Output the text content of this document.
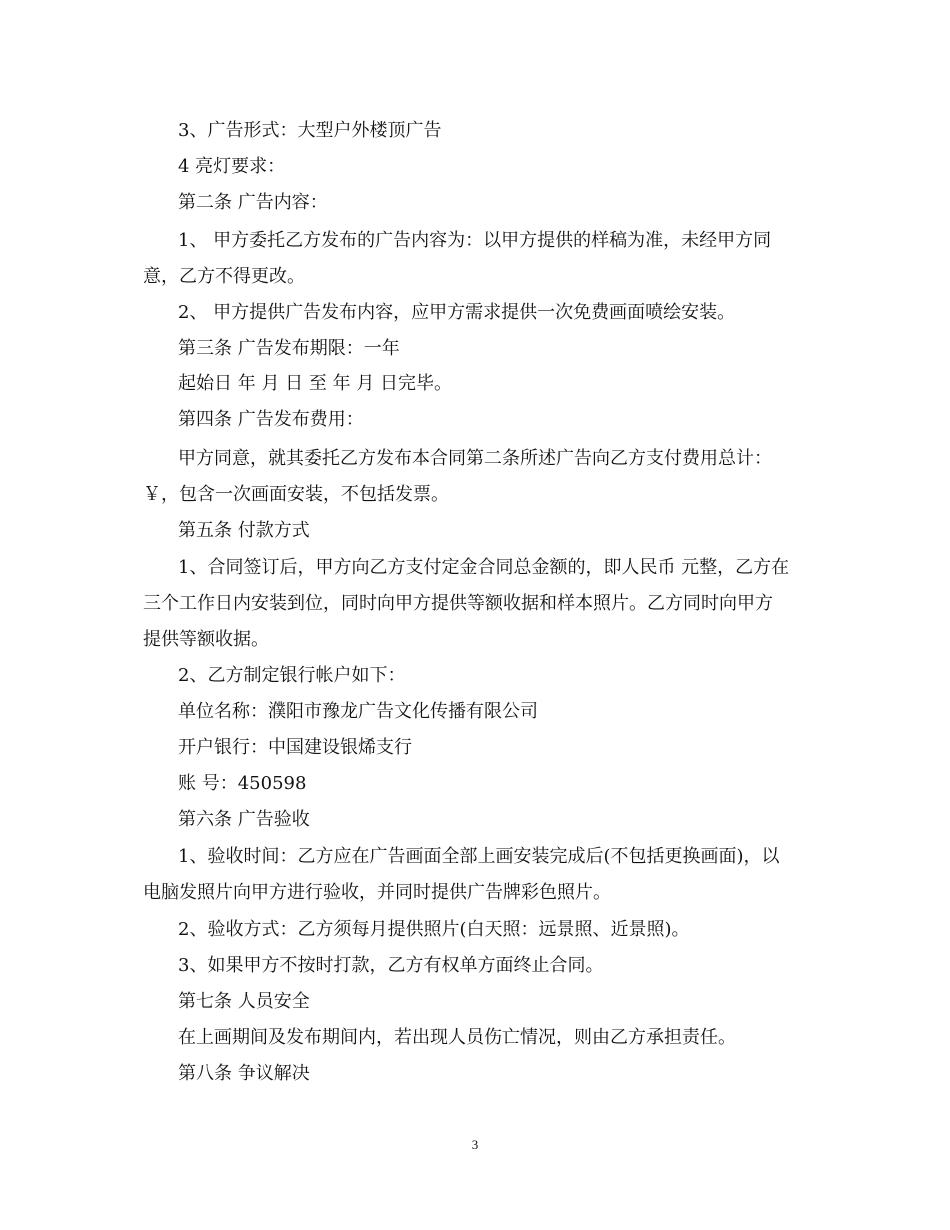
3、广告形式：大型户外楼顶广告
4 亮灯要求：
第二条 广告内容：
1、 甲方委托乙方发布的广告内容为：以甲方提供的样稿为准，未经甲方同
意，乙方不得更改。
2、 甲方提供广告发布内容，应甲方需求提供一次免费画面喷绘安装。
第三条 广告发布期限：一年
起始日 年 月 日 至 年 月 日完毕。
第四条 广告发布费用：
甲方同意，就其委托乙方发布本合同第二条所述广告向乙方支付费用总计：
￥，包含一次画面安装，不包括发票。
第五条 付款方式
1、合同签订后，甲方向乙方支付定金合同总金额的，即人民币 元整，乙方在
三个工作日内安装到位，同时向甲方提供等额收据和样本照片。乙方同时向甲方
提供等额收据。
2、乙方制定银行帐户如下：
单位名称：濮阳市豫龙广告文化传播有限公司
开户银行：中国建设银烯支行
账 号：450598
第六条 广告验收
1、验收时间：乙方应在广告画面全部上画安装完成后(不包括更换画面)，以
电脑发照片向甲方进行验收，并同时提供广告牌彩色照片。
2、验收方式：乙方须每月提供照片(白天照：远景照、近景照)。
3、如果甲方不按时打款，乙方有权单方面终止合同。
第七条 人员安全
在上画期间及发布期间内，若出现人员伤亡情况，则由乙方承担责任。
第八条 争议解决
3
